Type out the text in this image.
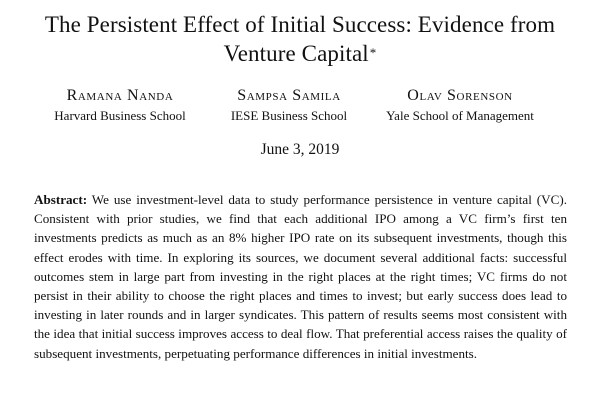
The Persistent Effect of Initial Success: Evidence from
Venture Capital*
Ramana Nanda
Harvard Business School
Sampsa Samila
IESE Business School
Olav Sorenson
Yale School of Management
June 3, 2019

Abstract: We use investment-level data to study performance persistence in venture capital (VC). Consistent with prior studies, we find that each additional IPO among a VC firm’s first ten investments predicts as much as an 8% higher IPO rate on its subsequent investments, though this effect erodes with time. In exploring its sources, we document several additional facts: successful outcomes stem in large part from investing in the right places at the right times; VC firms do not persist in their ability to choose the right places and times to invest; but early success does lead to investing in later rounds and in larger syndicates. This pattern of results seems most consistent with the idea that initial success improves access to deal flow. That preferential access raises the quality of subsequent investments, perpetuating performance differences in initial investments.
